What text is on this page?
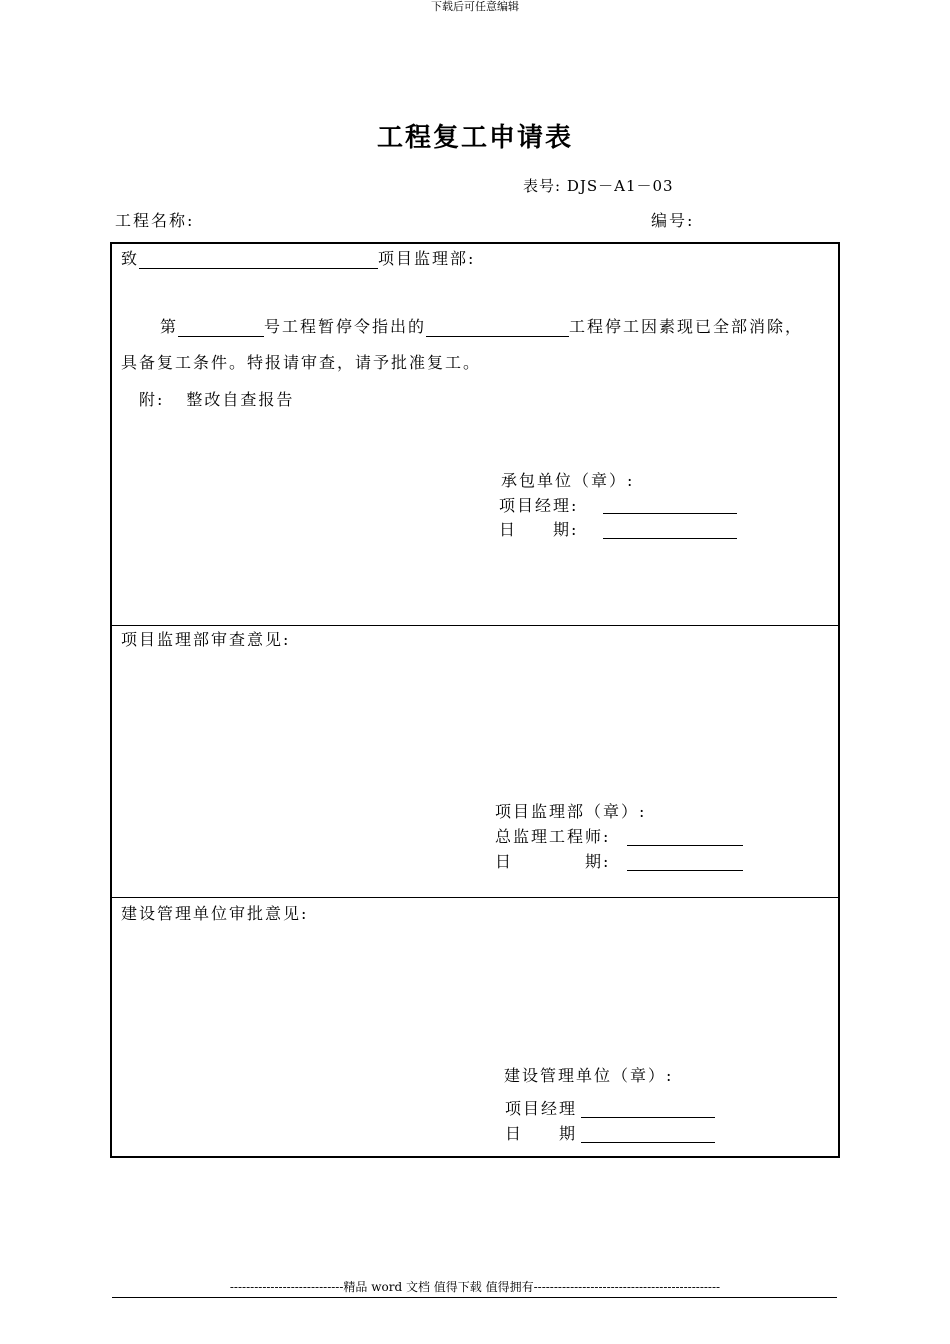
下载后可任意编辑
工程复工申请表
表号: DJS－A1－03
工程名称:	编号:
致	项目监理部:
第	号工程暂停令指出的	工程停工因素现已全部消除，
具备复工条件。特报请审查，请予批准复工。
附: 整改自查报告
承包单位（章）:
项目经理:
日　　期:
项目监理部审查意见:
项目监理部（章）:
总监理工程师:
日　　　　期:
建设管理单位审批意见:
建设管理单位（章）:
项目经理
日　　期
----------------------------精品 word 文档 值得下载 值得拥有----------------------------------------------
